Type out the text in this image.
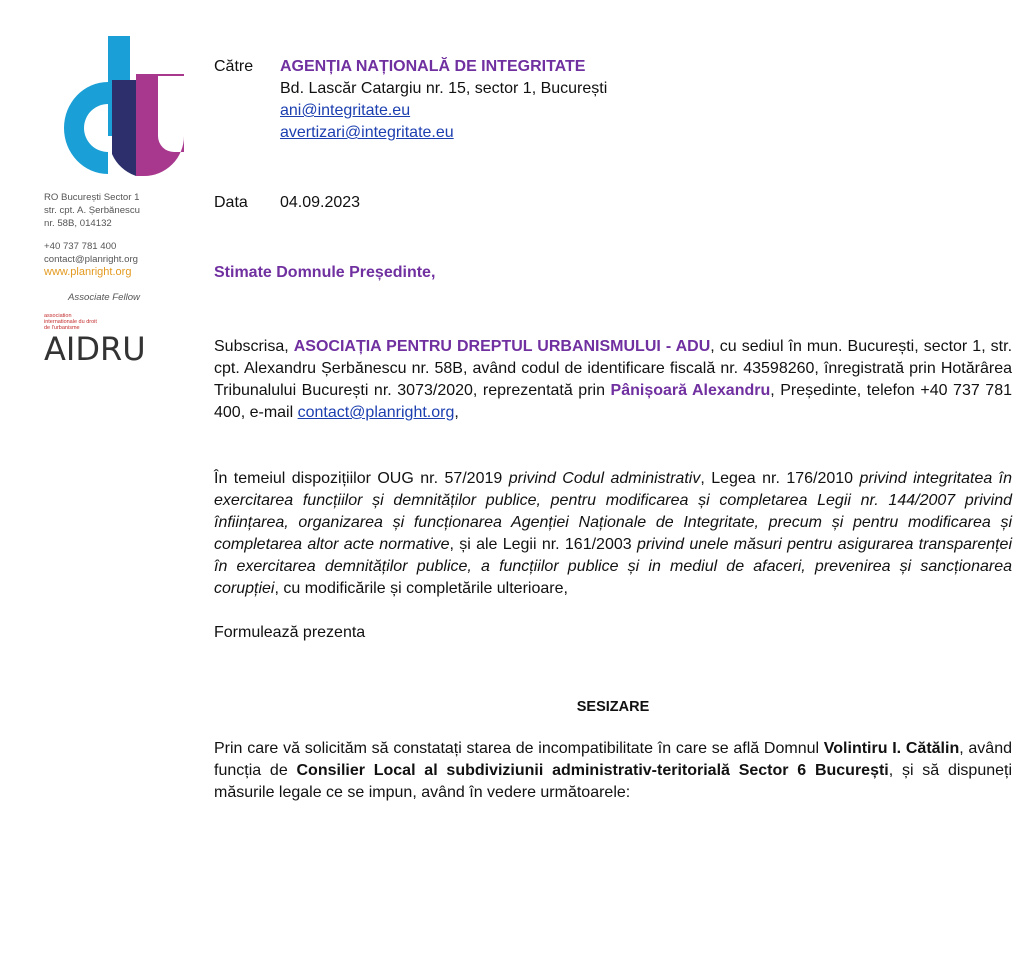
RO București Sector 1
str. cpt. A. Șerbănescu
nr. 58B, 014132
+40 737 781 400
contact@planright.org
www.planright.org
Associate Fellow
association internationale du droit de l'urbanisme
AIDRU
Către	AGENȚIA NAȚIONALĂ DE INTEGRITATE
Bd. Lascăr Catargiu nr. 15, sector 1, București
ani@integritate.eu
avertizari@integritate.eu
Data	04.09.2023
Stimate Domnule Președinte,
Subscrisa, ASOCIAȚIA PENTRU DREPTUL URBANISMULUI - ADU, cu sediul în mun. București, sector 1, str. cpt. Alexandru Șerbănescu nr. 58B, având codul de identificare fiscală nr. 43598260, înregistrată prin Hotărârea Tribunalului București nr. 3073/2020, reprezentată prin Pânișoară Alexandru, Președinte, telefon +40 737 781 400, e-mail contact@planright.org,
În temeiul dispozițiilor OUG nr. 57/2019 privind Codul administrativ, Legea nr. 176/2010 privind integritatea în exercitarea funcțiilor și demnităților publice, pentru modificarea și completarea Legii nr. 144/2007 privind înființarea, organizarea și funcționarea Agenției Naționale de Integritate, precum și pentru modificarea și completarea altor acte normative, și ale Legii nr. 161/2003 privind unele măsuri pentru asigurarea transparenței în exercitarea demnităților publice, a funcțiilor publice și in mediul de afaceri, prevenirea și sancționarea corupției, cu modificările și completările ulterioare,
Formulează prezenta
SESIZARE
Prin care vă solicităm să constatați starea de incompatibilitate în care se află Domnul Volintiru I. Cătălin, având funcția de Consilier Local al subdiviziunii administrativ-teritorială Sector 6 București, și să dispuneți măsurile legale ce se impun, având în vedere următoarele:
